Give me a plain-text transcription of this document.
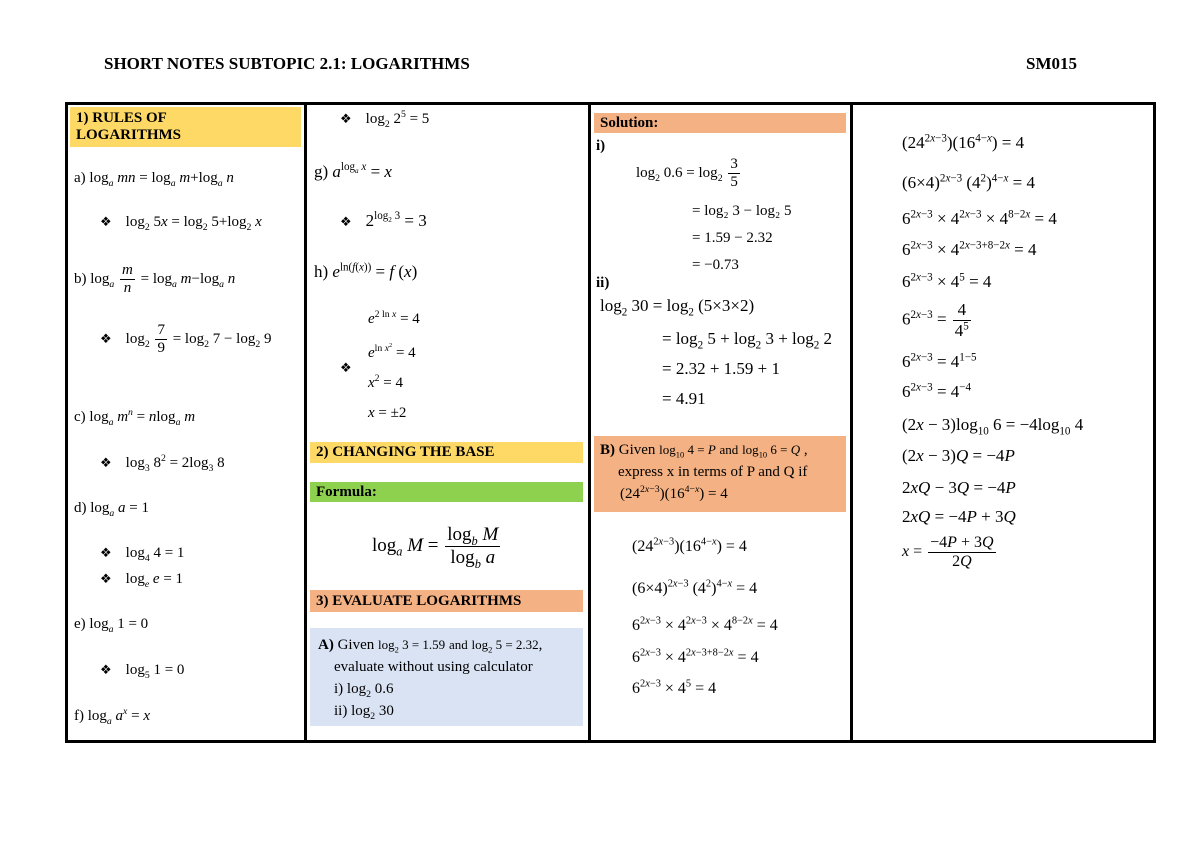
SHORT NOTES SUBTOPIC 2.1: LOGARITHMS	SM015
1) RULES OF
LOGARITHMS
a) $\log_a$ mn = $\log_a m+\log_a$ n
❖ $\log_2 5x = \log_2 5+\log_2$ x
b) $\log_a \frac{m}{n} = \log_a m-\log_a$ n
❖ $\log_2 \frac{7}{9} = \log_2 7 - \log_2 9$
c) $\log_a m^n = nlog_a$ m
❖ $\log_3 8^2 = 2\log_3$ 8
d) $\log_a a = 1$
❖ $\log_4 4 = 1$
❖ $\log_e e = 1$
e) $\log_a 1 = 0$
❖ $\log_5 1 = 0$
f) $\log_a a^x = x$
❖ $\log_2 2^5 = 5$
g) $a^{log_a x} = x$
❖ $2^{log_2 3} = 3$
h) $e^{ln(f(x))} = f$ (x)
$e^{2 ln x} = 4$
$e^{ln x^2} = 4$
❖
$x^2 = 4$
x = ±2
2) CHANGING THE BASE
Formula:
$\log_a M = \frac{\log_b M}{\log_b a}$
3) EVALUATE LOGARITHMS
A) Given $\log_2 3 = 1.59$ and $\log_2 5 = 2.32$,
evaluate without using calculator
i) $\log_2 0.6$
ii) $\log_2 30$
Solution:
i)
$\log_2 0.6 = \log_2 \frac{3}{5}$
= log₂ 3 − log₂ 5
= 1.59 − 2.32
= −0.73
ii)
$\log_2 30 = \log_2 (5\times 3\times 2)$
= $\log_2 5 + \log_2 3 + \log_2 2$
= 2.32 + 1.59 + 1
= 4.91
B) Given $\log_{10} 4 = P$ and $\log_{10} 6 = Q$ ,
express x in terms of P and Q if
$(24^{2x-3})(16^{4-x}) = 4$
$(24^{2x-3})(16^{4-x}) = 4$
$(6\times 4)^{2x-3}$ $(4^2)^{4-x} = 4$
$6^{2x-3} \times 4^{2x-3} \times 4^{8-2x} = 4$
$6^{2x-3} \times 4^{2x-3+8-2x} = 4$
$6^{2x-3} \times 4^5 = 4$
$(24^{2x-3})(16^{4-x}) = 4$
$(6\times 4)^{2x-3}$ $(4^2)^{4-x} = 4$
$6^{2x-3} \times 4^{2x-3} \times 4^{8-2x} = 4$
$6^{2x-3} \times 4^{2x-3+8-2x} = 4$
$6^{2x-3} \times 4^5 = 4$
$6^{2x-3} = \frac{4}{4^5}$
$6^{2x-3} = 4^{1-5}$
$6^{2x-3} = 4^{-4}$
$(2x - 3)\log_{10}$ $6 = -4\log_{10}$ 4
(2x − 3)Q = −4P
2xQ − 3Q = −4P
2xQ = −4P + 3Q
$x = \frac{-4P + 3Q}{2Q}$
